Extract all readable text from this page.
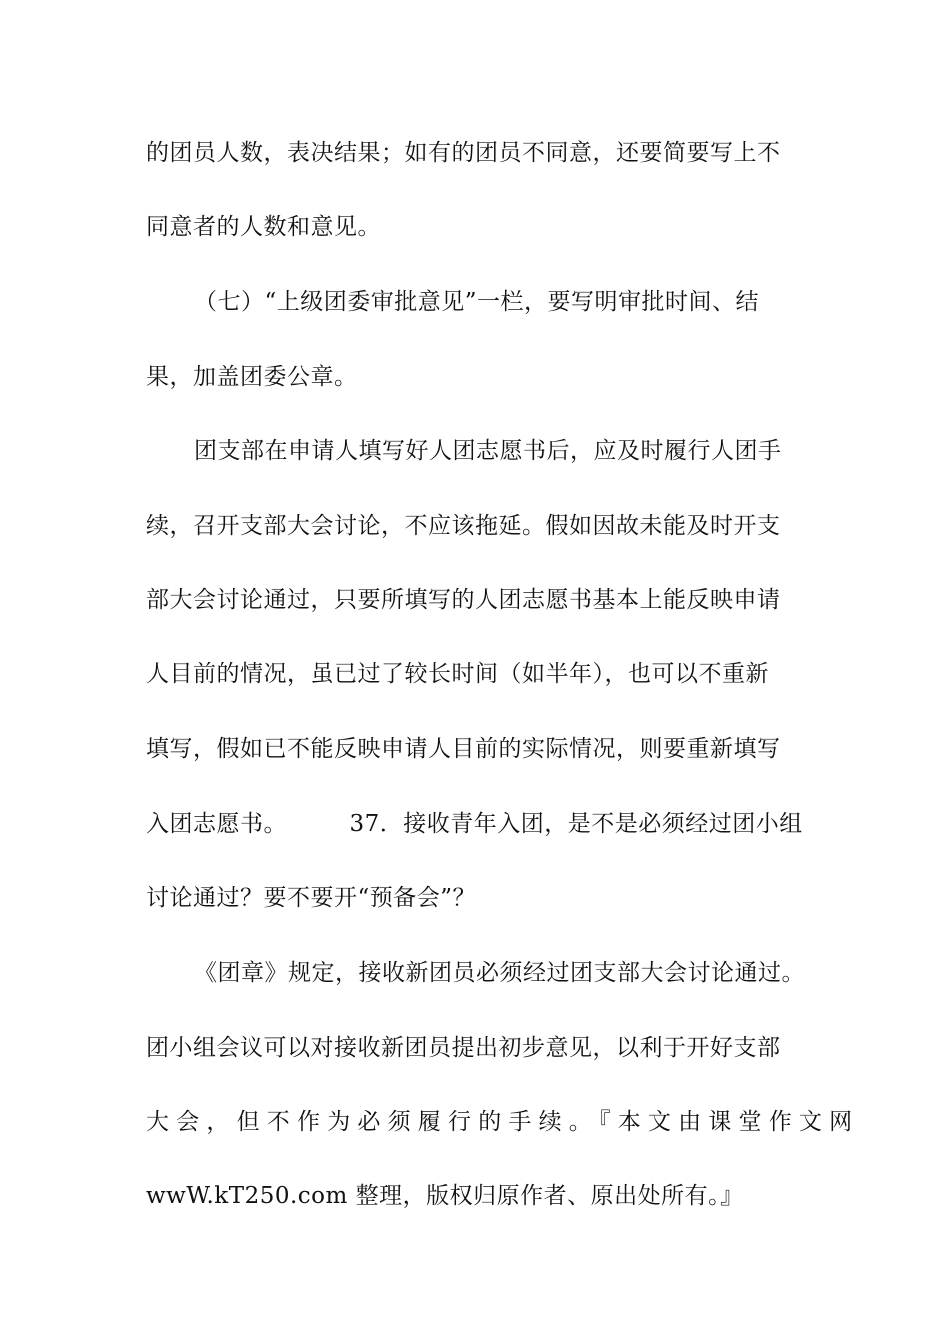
的团员人数，表决结果；如有的团员不同意，还要简要写上不
同意者的人数和意见。
（七）“上级团委审批意见”一栏，要写明审批时间、结
果，加盖团委公章。
团支部在申请人填写好人团志愿书后，应及时履行人团手
续，召开支部大会讨论，不应该拖延。假如因故未能及时开支
部大会讨论通过，只要所填写的人团志愿书基本上能反映申请
人目前的情况，虽已过了较长时间（如半年），也可以不重新
填写，假如已不能反映申请人目前的实际情况，则要重新填写
入团志愿书。        37．接收青年入团，是不是必须经过团小组
讨论通过？要不要开“预备会”？
《团章》规定，接收新团员必须经过团支部大会讨论通过。
团小组会议可以对接收新团员提出初步意见，以利于开好支部
大会，但不作为必须履行的手续。『本文由课堂作文网
wwW.kT250.com 整理，版权归原作者、原出处所有。』
